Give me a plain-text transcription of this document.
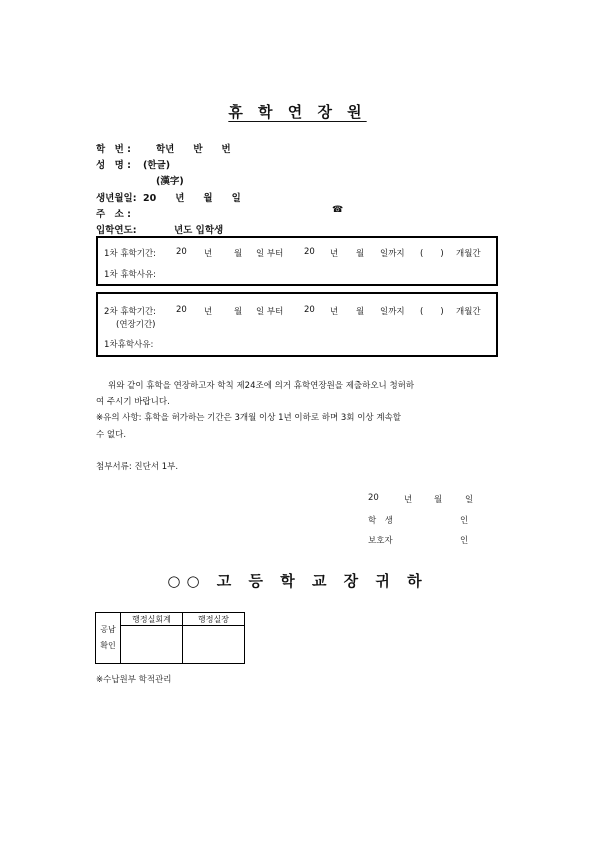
휴 학 연 장 원
학　번 :	학년　　반　　번
성　명 : (한글)
(漢字)
생년월일: 20　　년　　월　　일
주　소 :	☎
입학연도:	년도 입학생
1차 휴학기간: 20 년	월 일 부터 20 년 월 일까지 (　　) 개월간
1차 휴학사유:
2차 휴학기간: 20 년	월 일 부터 20 년 월 일까지 (　　) 개월간
(연장기간)
1차휴학사유:
위와 같이 휴학을 연장하고자 학칙 제24조에 의거 휴학연장원을 제출하오니 청허하
여 주시기 바랍니다.
※유의 사항: 휴학을 허가하는 기간은 3개월 이상 1년 이하로 하며 3회 이상 계속할
수 없다.
첨부서류: 진단서 1부.
20	년	월	일
학　생	인
보호자	인
○○ 고 등 학 교 장 귀 하
공남
확인	행정실회계	행정실장

※수납원부 학적관리
